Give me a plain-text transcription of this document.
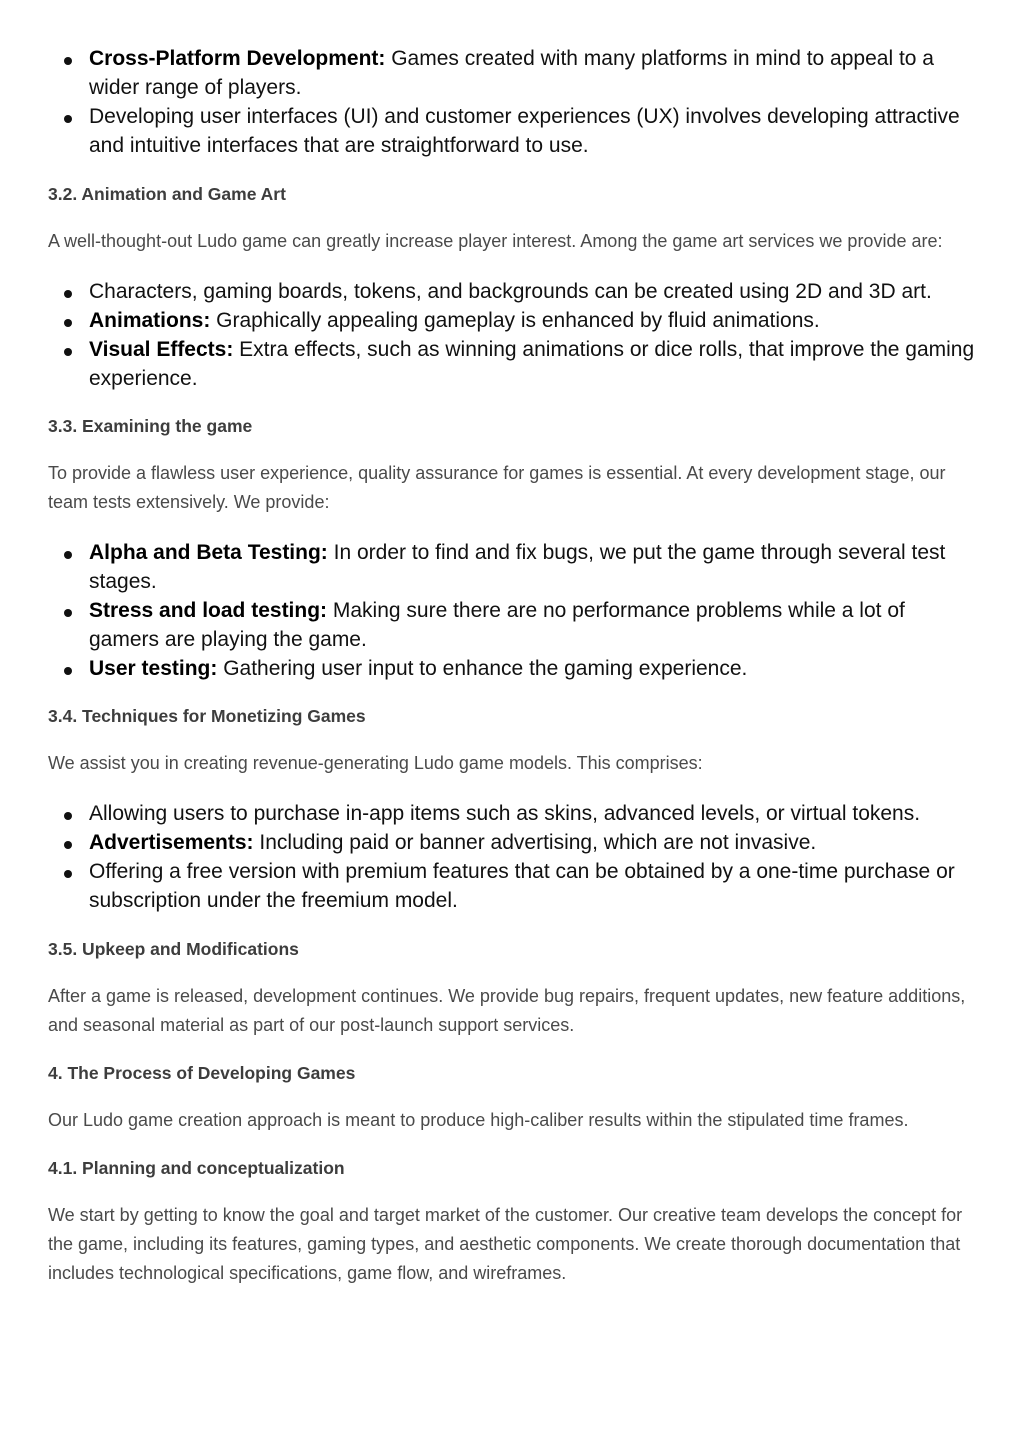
Cross-Platform Development: Games created with many platforms in mind to appeal to a wider range of players.
Developing user interfaces (UI) and customer experiences (UX) involves developing attractive and intuitive interfaces that are straightforward to use.
3.2. Animation and Game Art

A well-thought-out Ludo game can greatly increase player interest. Among the game art services we provide are:

Characters, gaming boards, tokens, and backgrounds can be created using 2D and 3D art.
Animations: Graphically appealing gameplay is enhanced by fluid animations.
Visual Effects: Extra effects, such as winning animations or dice rolls, that improve the gaming experience.
3.3. Examining the game

To provide a flawless user experience, quality assurance for games is essential. At every development stage, our team tests extensively. We provide:

Alpha and Beta Testing: In order to find and fix bugs, we put the game through several test stages.
Stress and load testing: Making sure there are no performance problems while a lot of gamers are playing the game.
User testing: Gathering user input to enhance the gaming experience.
3.4. Techniques for Monetizing Games

We assist you in creating revenue-generating Ludo game models. This comprises:

Allowing users to purchase in-app items such as skins, advanced levels, or virtual tokens.
Advertisements: Including paid or banner advertising, which are not invasive.
Offering a free version with premium features that can be obtained by a one-time purchase or subscription under the freemium model.
3.5. Upkeep and Modifications

After a game is released, development continues. We provide bug repairs, frequent updates, new feature additions, and seasonal material as part of our post-launch support services.

4. The Process of Developing Games

Our Ludo game creation approach is meant to produce high-caliber results within the stipulated time frames.

4.1. Planning and conceptualization

We start by getting to know the goal and target market of the customer. Our creative team develops the concept for the game, including its features, gaming types, and aesthetic components. We create thorough documentation that includes technological specifications, game flow, and wireframes.
